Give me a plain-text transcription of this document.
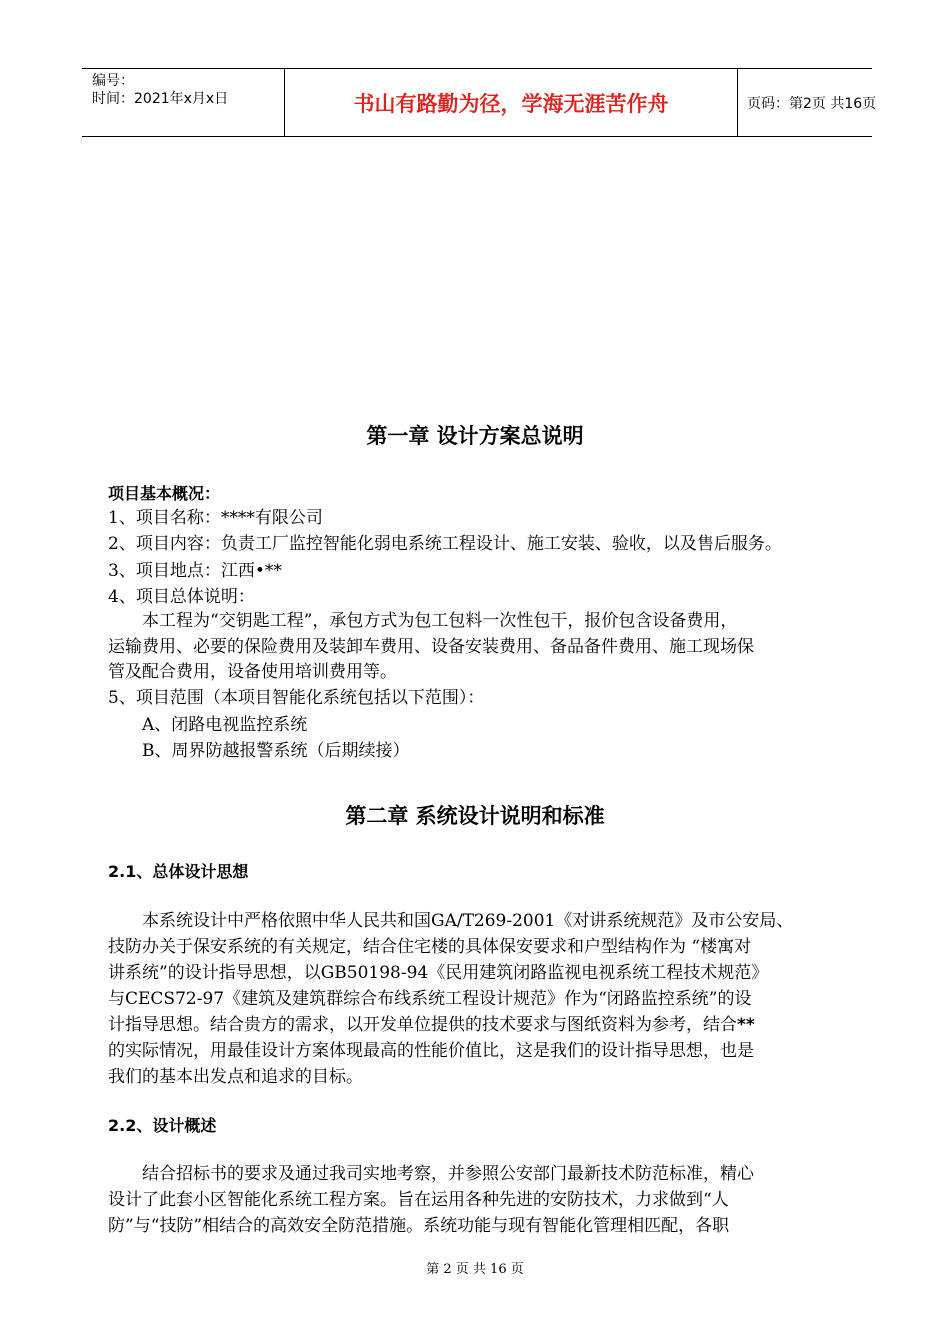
编号：
时间：2021年x月x日	书山有路勤为径，学海无涯苦作舟	页码：第2页 共16页
第一章 设计方案总说明
项目基本概况：
1、项目名称：****有限公司
2、项目内容：负责工厂监控智能化弱电系统工程设计、施工安装、验收，以及售后服务。
3、项目地点：江西•**
4、项目总体说明：
本工程为“交钥匙工程”，承包方式为包工包料一次性包干，报价包含设备费用，
运输费用、必要的保险费用及装卸车费用、设备安装费用、备品备件费用、施工现场保
管及配合费用，设备使用培训费用等。
5、项目范围（本项目智能化系统包括以下范围）：
A、闭路电视监控系统
B、周界防越报警系统（后期续接）
第二章 系统设计说明和标准
2.1、总体设计思想
本系统设计中严格依照中华人民共和国GA/T269-2001《对讲系统规范》及市公安局、
技防办关于保安系统的有关规定，结合住宅楼的具体保安要求和户型结构作为 “楼寓对
讲系统”的设计指导思想，以GB50198-94《民用建筑闭路监视电视系统工程技术规范》
与CECS72-97《建筑及建筑群综合布线系统工程设计规范》作为“闭路监控系统”的设
计指导思想。结合贵方的需求，以开发单位提供的技术要求与图纸资料为参考，结合**
的实际情况，用最佳设计方案体现最高的性能价值比，这是我们的设计指导思想，也是
我们的基本出发点和追求的目标。
2.2、设计概述
结合招标书的要求及通过我司实地考察，并参照公安部门最新技术防范标准，精心
设计了此套小区智能化系统工程方案。旨在运用各种先进的安防技术，力求做到“人
防”与“技防”相结合的高效安全防范措施。系统功能与现有智能化管理相匹配，各职
第 2 页 共 16 页
